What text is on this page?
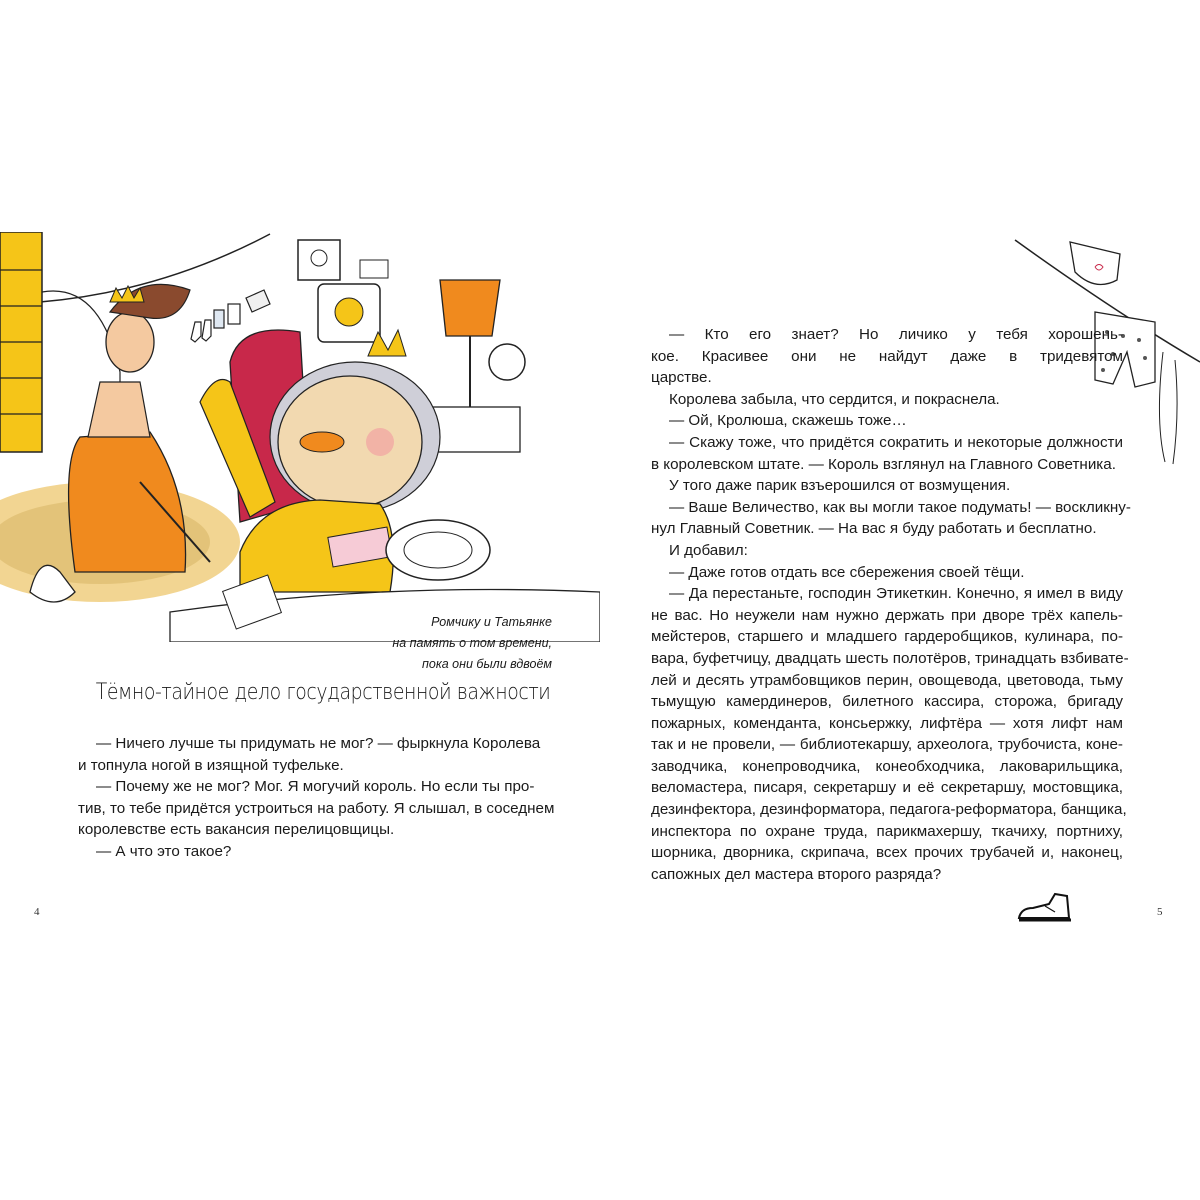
Ромчику и Татьянке
на память о том времени,
пока они были вдвоём
Тёмно-тайное дело государственной важности
— Ничего лучше ты придумать не мог? — фыркнула Королева
и топнула ногой в изящной туфельке.
— Почему же не мог? Мог. Я могучий король. Но если ты про-
тив, то тебе придётся устроиться на работу. Я слышал, в соседнем
королевстве есть вакансия перелицовщицы.
— А что это такое?
— Кто его знает? Но личико у тебя хорошень-
кое. Красивее они не найдут даже в тридевятом
царстве.
Королева забыла, что сердится, и покраснела.
— Ой, Кролюша, скажешь тоже…
— Скажу тоже, что придётся сократить и некоторые должности
в королевском штате. — Король взглянул на Главного Советника.
У того даже парик взъерошился от возмущения.
— Ваше Величество, как вы могли такое подумать! — воскликну-
нул Главный Советник. — На вас я буду работать и бесплатно.
И добавил:
— Даже готов отдать все сбережения своей тёщи.
— Да перестаньте, господин Этикеткин. Конечно, я имел в виду
не вас. Но неужели нам нужно держать при дворе трёх капель-
мейстеров, старшего и младшего гардеробщиков, кулинара, по-
вара, буфетчицу, двадцать шесть полотёров, тринадцать взбивате-
лей и десять утрамбовщиков перин, овощевода, цветовода, тьму
тьмущую камердинеров, билетного кассира, сторожа, бригаду
пожарных, коменданта, консьержку, лифтёра — хотя лифт нам
так и не провели, — библиотекаршу, археолога, трубочиста, коне-
заводчика, конепроводчика, конеобходчика, лаковарильщика,
веломастера, писаря, секретаршу и её секретаршу, мостовщика,
дезинфектора, дезинформатора, педагога-реформатора, банщика,
инспектора по охране труда, парикмахершу, ткачиху, портниху,
шорника, дворника, скрипача, всех прочих трубачей и, наконец,
сапожных дел мастера второго разряда?
4	5
